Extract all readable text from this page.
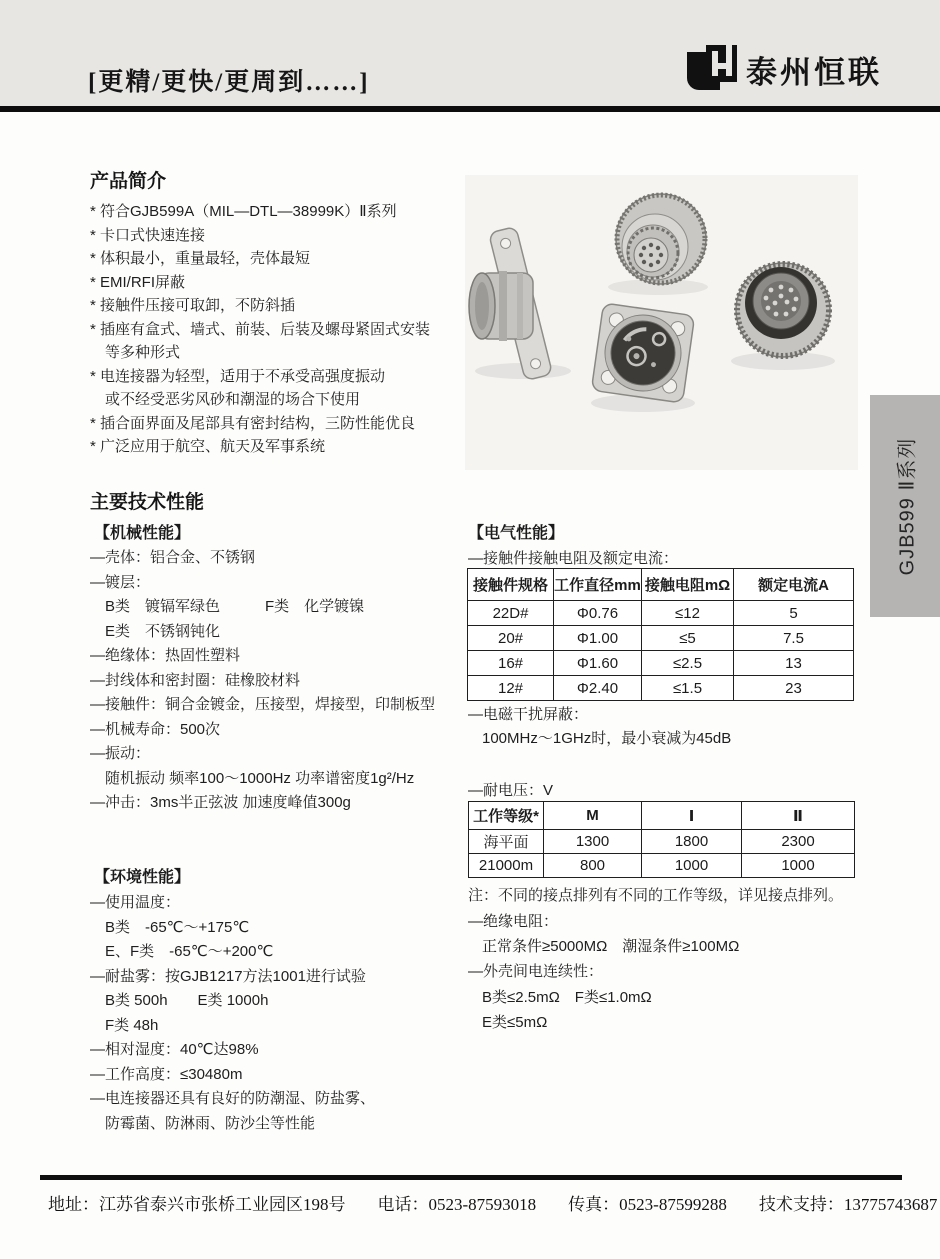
[更精/更快/更周到……]	泰州恒联
GJB599 Ⅱ系列
产品简介
* 符合GJB599A（MIL—DTL—38999K）Ⅱ系列
* 卡口式快速连接
* 体积最小，重量最轻，壳体最短
* EMI/RFI屏蔽
* 接触件压接可取卸，不防斜插
* 插座有盒式、墙式、前装、后装及螺母紧固式安装
　等多种形式
* 电连接器为轻型，适用于不承受高强度振动
　或不经受恶劣风砂和潮湿的场合下使用
* 插合面界面及尾部具有密封结构，三防性能优良
* 广泛应用于航空、航天及军事系统
主要技术性能
【机械性能】
—壳体：铝合金、不锈钢
—镀层：
　B类　镀镉军绿色　　　F类　化学镀镍
　E类　不锈钢钝化
—绝缘体：热固性塑料
—封线体和密封圈：硅橡胶材料
—接触件：铜合金镀金，压接型，焊接型，印制板型
—机械寿命：500次
—振动：
　随机振动 频率100～1000Hz 功率谱密度1g²/Hz
—冲击：3ms半正弦波 加速度峰值300g
【环境性能】
—使用温度：
　B类　-65℃～+175℃
　E、F类　-65℃～+200℃
—耐盐雾：按GJB1217方法1001进行试验
　B类 500h　　E类 1000h
　F类 48h
—相对湿度：40℃达98%
—工作高度：≤30480m
—电连接器还具有良好的防潮湿、防盐雾、
　防霉菌、防淋雨、防沙尘等性能
【电气性能】
—接触件接触电阻及额定电流：
接触件规格	工作直径mm	接触电阻mΩ	额定电流A
22D#	Φ0.76	≤12	5
20#	Φ1.00	≤5	7.5
16#	Φ1.60	≤2.5	13
12#	Φ2.40	≤1.5	23
—电磁干扰屏蔽：
100MHz～1GHz时，最小衰减为45dB
—耐电压：V
工作等级*	M	Ⅰ	Ⅱ
海平面	1300	1800	2300
21000m	800	1000	1000
注：不同的接点排列有不同的工作等级，详见接点排列。
—绝缘电阻：
正常条件≥5000MΩ　潮湿条件≥100MΩ
—外壳间电连续性：
B类≤2.5mΩ　F类≤1.0mΩ
E类≤5mΩ
地址：江苏省泰兴市张桥工业园区198号 电话：0523-87593018 传真：0523-87599288 技术支持：13775743687
